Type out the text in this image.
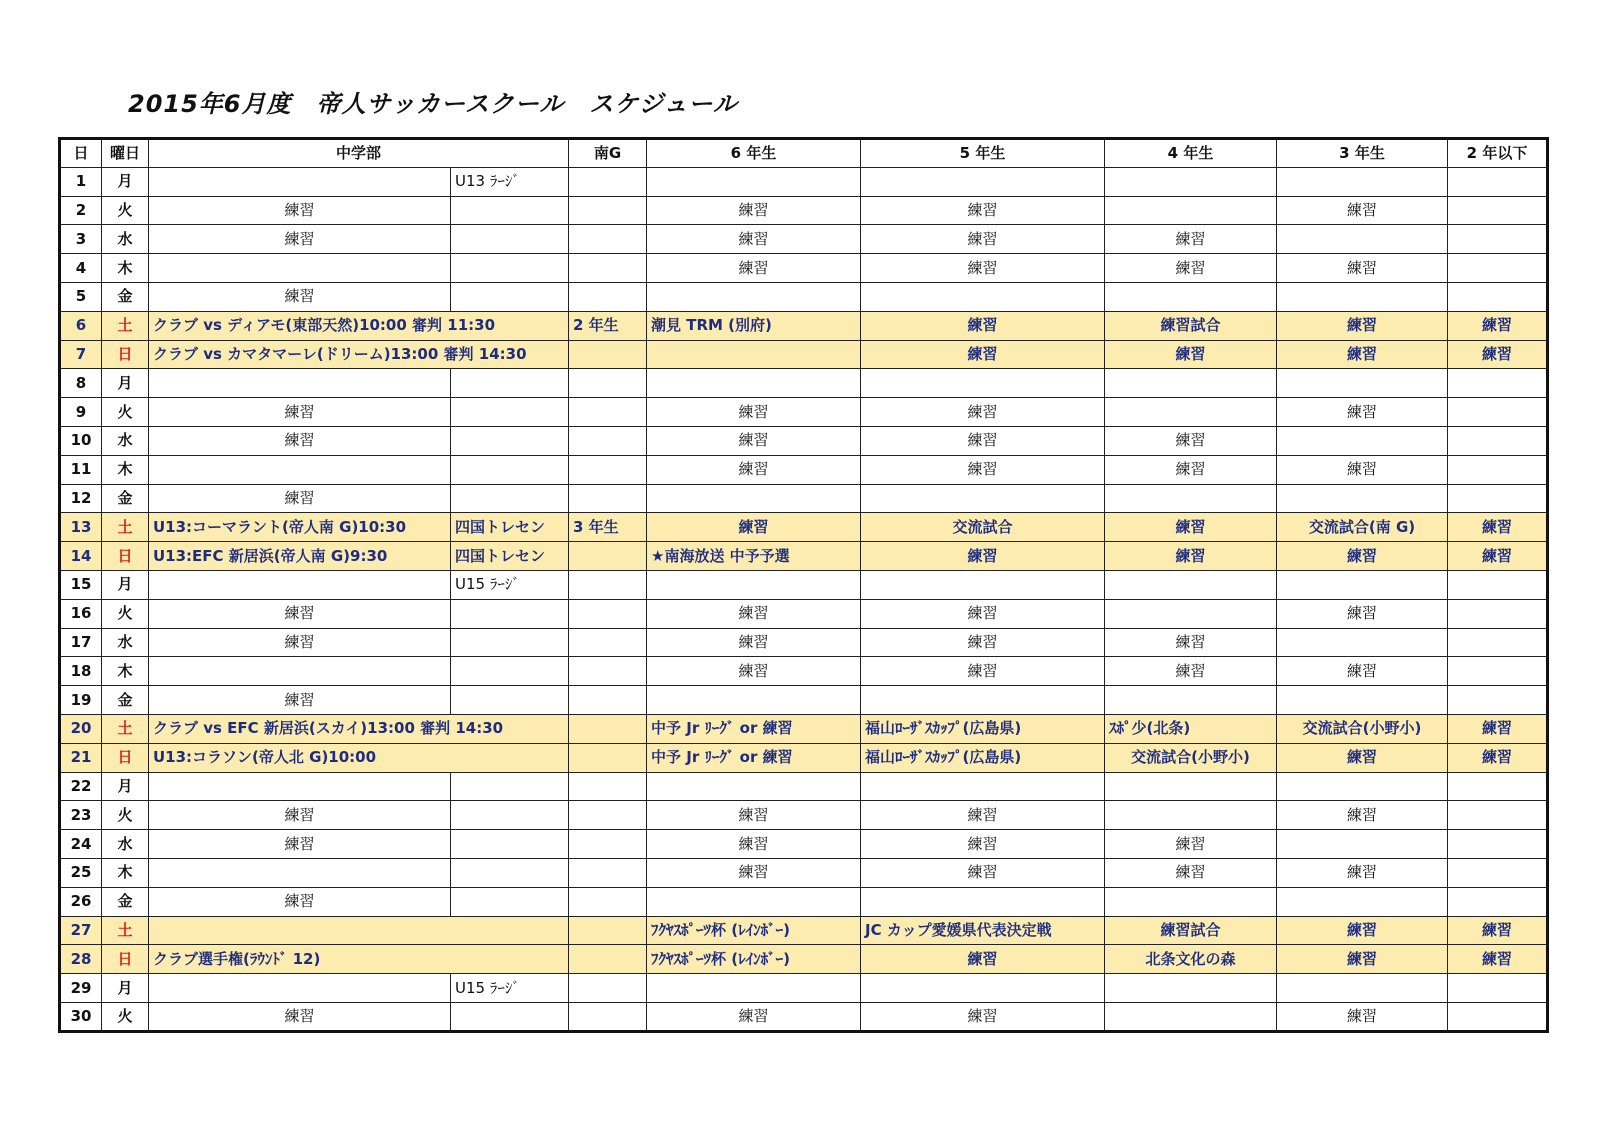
2015年6月度　帝人サッカースクール　スケジュール
日	曜日	中学部		南G	6 年生	5 年生	4 年生	3 年生	2 年以下
1	月		U13 ﾗｰｼﾞ						
2	火	練習			練習	練習		練習	
3	水	練習			練習	練習	練習		
4	木				練習	練習	練習	練習	
5	金	練習							
6	土	クラブ vs ディアモ(東部天然)10:00 審判 11:30		2 年生	潮見 TRM (別府)	練習	練習試合	練習	練習
7	日	クラブ vs カマタマーレ(ドリーム)13:00 審判 14:30				練習	練習	練習	練習
8	月								
9	火	練習			練習	練習		練習	
10	水	練習			練習	練習	練習		
11	木				練習	練習	練習	練習	
12	金	練習							
13	土	U13:コーマラント(帝人南 G)10:30	四国トレセン	3 年生	練習	交流試合	練習	交流試合(南 G)	練習
14	日	U13:EFC 新居浜(帝人南 G)9:30	四国トレセン		★南海放送 中予予選	練習	練習	練習	練習
15	月		U15 ﾗｰｼﾞ						
16	火	練習			練習	練習		練習	
17	水	練習			練習	練習	練習		
18	木				練習	練習	練習	練習	
19	金	練習							
20	土	クラブ vs EFC 新居浜(スカイ)13:00 審判 14:30			中予 Jr ﾘｰｸﾞ or 練習	福山ﾛｰｻﾞｽｶｯﾌﾟ(広島県)	ｽﾎﾟ少(北条)	交流試合(小野小)	練習
21	日	U13:コラソン(帝人北 G)10:00			中予 Jr ﾘｰｸﾞ or 練習	福山ﾛｰｻﾞｽｶｯﾌﾟ(広島県)	交流試合(小野小)	練習	練習
22	月								
23	火	練習			練習	練習		練習	
24	水	練習			練習	練習	練習		
25	木				練習	練習	練習	練習	
26	金	練習							
27	土				ﾌｸﾔｽﾎﾟｰﾂ杯 (ﾚｲﾝﾎﾞｰ)	JC カップ愛媛県代表決定戦	練習試合	練習	練習
28	日	クラブ選手権(ﾗｳﾝﾄﾞ 12)			ﾌｸﾔｽﾎﾟｰﾂ杯 (ﾚｲﾝﾎﾞｰ)	練習	北条文化の森	練習	練習
29	月		U15 ﾗｰｼﾞ						
30	火	練習			練習	練習		練習	
